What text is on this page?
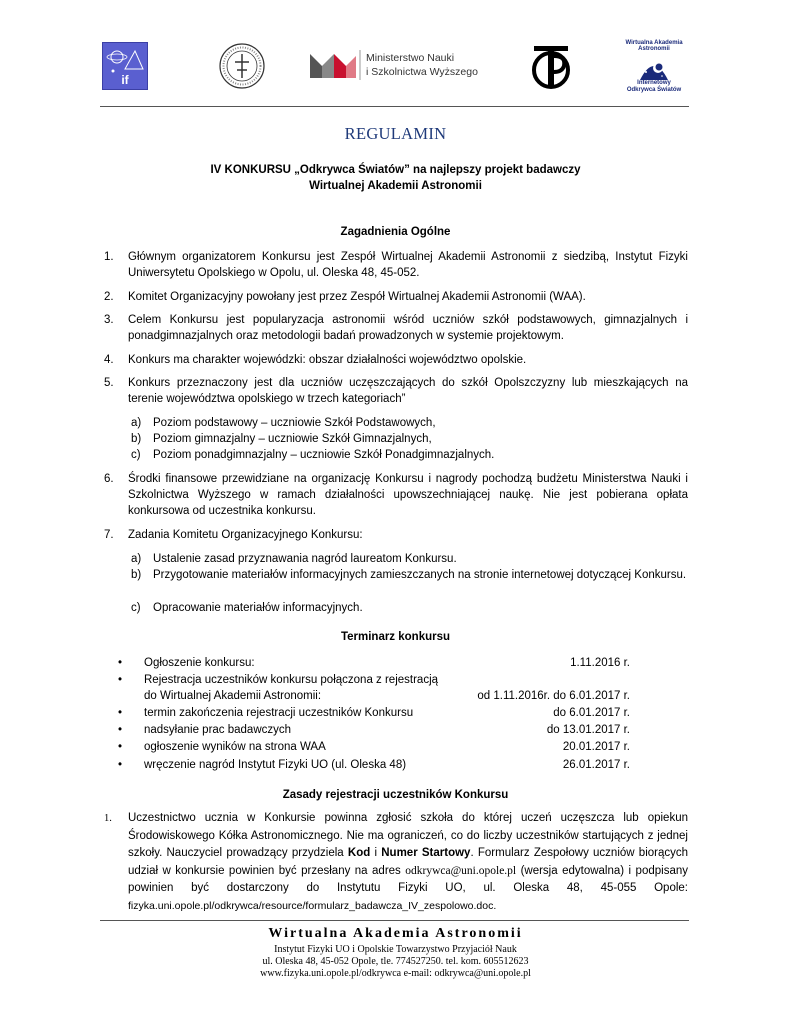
if
Ministerstwo Nauki
i Szkolnictwa Wyższego
Wirtualna Akademia Astronomii
Internetowy
Odkrywca Światów
REGULAMIN
IV KONKURSU „Odkrywca Światów” na najlepszy projekt badawczy
Wirtualnej Akademii Astronomii
Zagadnienia Ogólne
1.	Głównym organizatorem Konkursu jest Zespół Wirtualnej Akademii Astronomii z siedzibą, Instytut Fizyki Uniwersytetu Opolskiego w Opolu, ul. Oleska 48, 45-052.
2.	Komitet Organizacyjny powołany jest przez Zespół Wirtualnej Akademii Astronomii (WAA).
3.	Celem Konkursu jest popularyzacja astronomii wśród uczniów szkół podstawowych, gimnazjalnych i ponadgimnazjalnych oraz metodologii badań prowadzonych w systemie projektowym.
4.	Konkurs ma charakter wojewódzki: obszar działalności województwo opolskie.
5.	Konkurs przeznaczony jest dla uczniów uczęszczających do szkół Opolszczyzny lub mieszkających na terenie województwa opolskiego w trzech kategoriach”
a) Poziom podstawowy – uczniowie Szkół Podstawowych,
b) Poziom gimnazjalny – uczniowie Szkół Gimnazjalnych,
c) Poziom ponadgimnazjalny – uczniowie Szkół Ponadgimnazjalnych.
6.	Środki finansowe przewidziane na organizację Konkursu i nagrody pochodzą budżetu Ministerstwa Nauki i Szkolnictwa Wyższego w ramach działalności upowszechniającej naukę. Nie jest pobierana opłata konkursowa od uczestnika konkursu.
7.	Zadania Komitetu Organizacyjnego Konkursu:
a) Ustalenie zasad przyznawania nagród laureatom Konkursu.
b) Przygotowanie materiałów informacyjnych zamieszczanych na stronie internetowej dotyczącej Konkursu.
c) Opracowanie materiałów informacyjnych.
Terminarz konkursu
• Ogłoszenie konkursu:	1.11.2016 r.
• Rejestracja uczestników konkursu połączona z rejestracją
do Wirtualnej Akademii Astronomii:	od 1.11.2016r. do 6.01.2017 r.
• termin zakończenia rejestracji uczestników Konkursu	do 6.01.2017 r.
• nadsyłanie prac badawczych	do 13.01.2017 r.
• ogłoszenie wyników na strona WAA	20.01.2017 r.
• wręczenie nagród Instytut Fizyki UO (ul. Oleska 48)	26.01.2017 r.
Zasady rejestracji uczestników Konkursu
1. Uczestnictwo ucznia w Konkursie powinna zgłosić szkoła do której uczeń uczęszcza lub opiekun Środowiskowego Kółka Astronomicznego. Nie ma ograniczeń, co do liczby uczestników startujących z jednej szkoły. Nauczyciel prowadzący przydziela Kod i Numer Startowy. Formularz Zespołowy uczniów biorących udział w konkursie powinien być przesłany na adres odkrywca@uni.opole.pl (wersja edytowalna) i podpisany powinien być dostarczony do Instytutu Fizyki UO, ul. Oleska 48, 45-055 Opole: fizyka.uni.opole.pl/odkrywca/resource/formularz_badawcza_IV_zespolowo.doc.
Wirtualna Akademia Astronomii
Instytut Fizyki UO i Opolskie Towarzystwo Przyjaciół Nauk
ul. Oleska 48, 45-052 Opole, tle. 774527250. tel. kom. 605512623
www.fizyka.uni.opole.pl/odkrywca e-mail: odkrywca@uni.opole.pl
